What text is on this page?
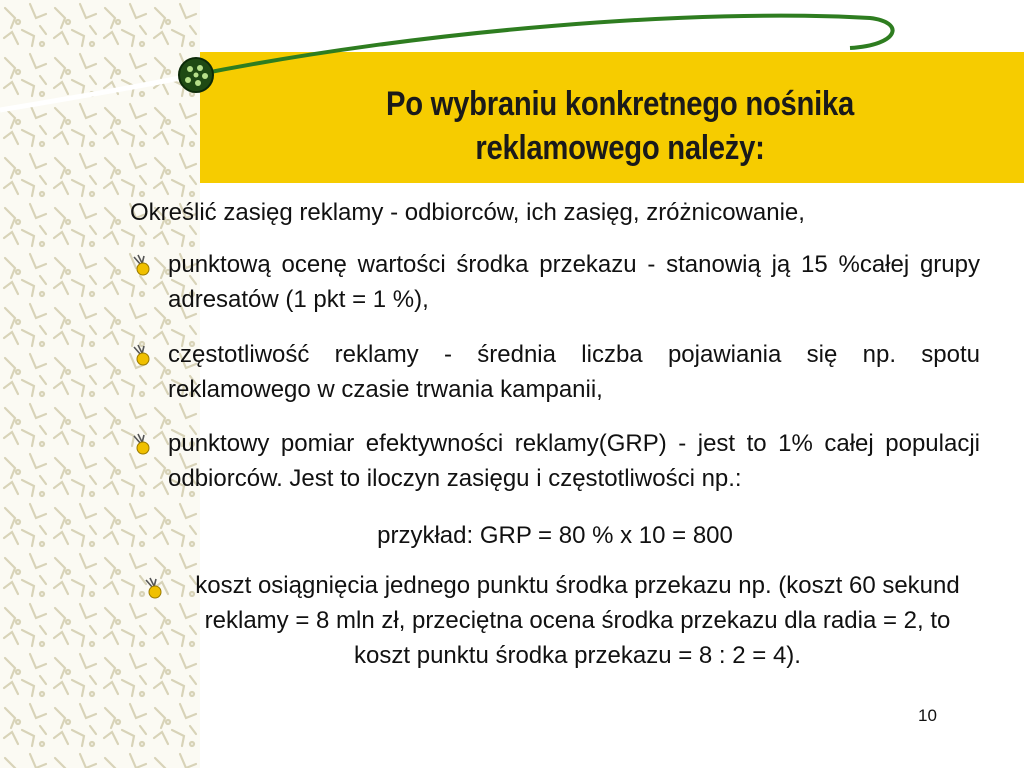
Po wybraniu konkretnego nośnika
reklamowego należy:
Określić zasięg reklamy - odbiorców, ich zasięg, zróżnicowanie,
punktową ocenę wartości środka przekazu - stanowią ją 15 %całej grupy adresatów (1 pkt = 1 %),
częstotliwość reklamy - średnia liczba pojawiania się np. spotu reklamowego w czasie trwania kampanii,
punktowy pomiar efektywności reklamy(GRP) - jest to 1% całej populacji odbiorców. Jest to iloczyn zasięgu i częstotliwości np.:
przykład: GRP = 80 % x 10 = 800
koszt osiągnięcia jednego punktu środka przekazu np. (koszt 60 sekund reklamy = 8 mln zł, przeciętna ocena środka przekazu dla radia = 2, to koszt punktu środka przekazu = 8 : 2 = 4).
10
